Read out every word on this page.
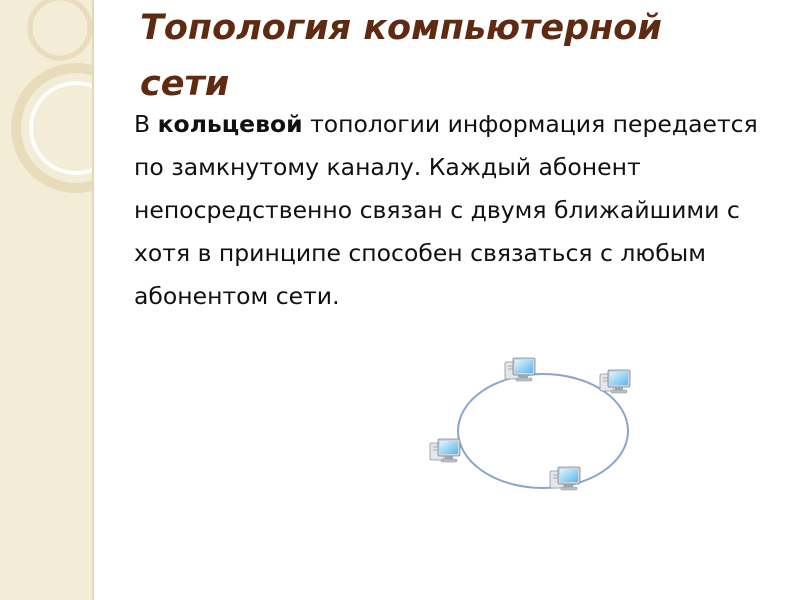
Топология компьютерной сети

В кольцевой топологии информация передается по замкнутому каналу. Каждый абонент непосредственно связан с двумя ближайшими с хотя в принципе способен связаться с любым абонентом сети.
